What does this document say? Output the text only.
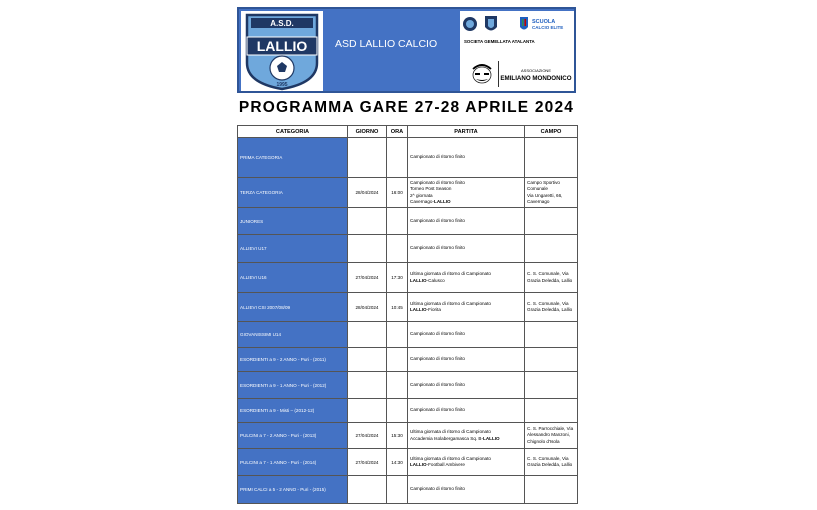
A.S.D.
LALLIO
1995
ASD LALLIO CALCIO
SCUOLA
CALCIO ELITE
SOCIETA GEMELLATA ATALANTA
ASSOCIAZIONE
EMILIANO MONDONICO
PROGRAMMA GARE 27-28 APRILE 2024
CATEGORIA	GIORNO	ORA	PARTITA	CAMPO
PRIMA CATEGORIA			Campionato di ritorno finito	

TERZA CATEGORIA	28/04/2024	16:00	Campionato di ritorno finito
Torneo Post Season
2^ giornata
Cavernago-LALLIO	Campo Sportivo
Comunale
Via Ungaretti, 66,
Cavernago

JUNIORES			Campionato di ritorno finito	

ALLIEVI U17			Campionato di ritorno finito	

ALLIEVI U16	27/04/2024	17:30	Ultima giornata di ritorno di Campionato
LALLIO-Calusco	C. S. Comunale, Via
Grazia Deledda, Lallio

ALLIEVI CSI 2007/08/09	28/04/2024	10:45	Ultima giornata di ritorno di Campionato
LALLIO-Fiorita	C. S. Comunale, Via
Grazia Deledda, Lallio

GIOVANISSIMI U14			Campionato di ritorno finito	

ESORDIENTI a 9 - 2 ANNO - Puri - (2011)			Campionato di ritorno finito	

ESORDIENTI a 9 - 1 ANNO - Puri - (2012)			Campionato di ritorno finito	

ESORDIENTI a 9 - Misti – (2012-12)			Campionato di ritorno finito	

PULCINI a 7 - 2 ANNO - Puri - (2013)	27/04/2024	15:30	Ultima giornata di ritorno di Campionato
Accademia Isolabergamasca Sq. B-LALLIO	C. S. Parrocchiale, Via
Alessandro Manzoni,
Chignolo d'Isola

PULCINI a 7 - 1 ANNO - Puri - (2014)	27/04/2024	14:30	Ultima giornata di ritorno di Campionato
LALLIO-Football Ambivere	C. S. Comunale, Via
Grazia Deledda, Lallio

PRIMI CALCI a 5 - 2 ANNO - Puri - (2015)			Campionato di ritorno finito	
